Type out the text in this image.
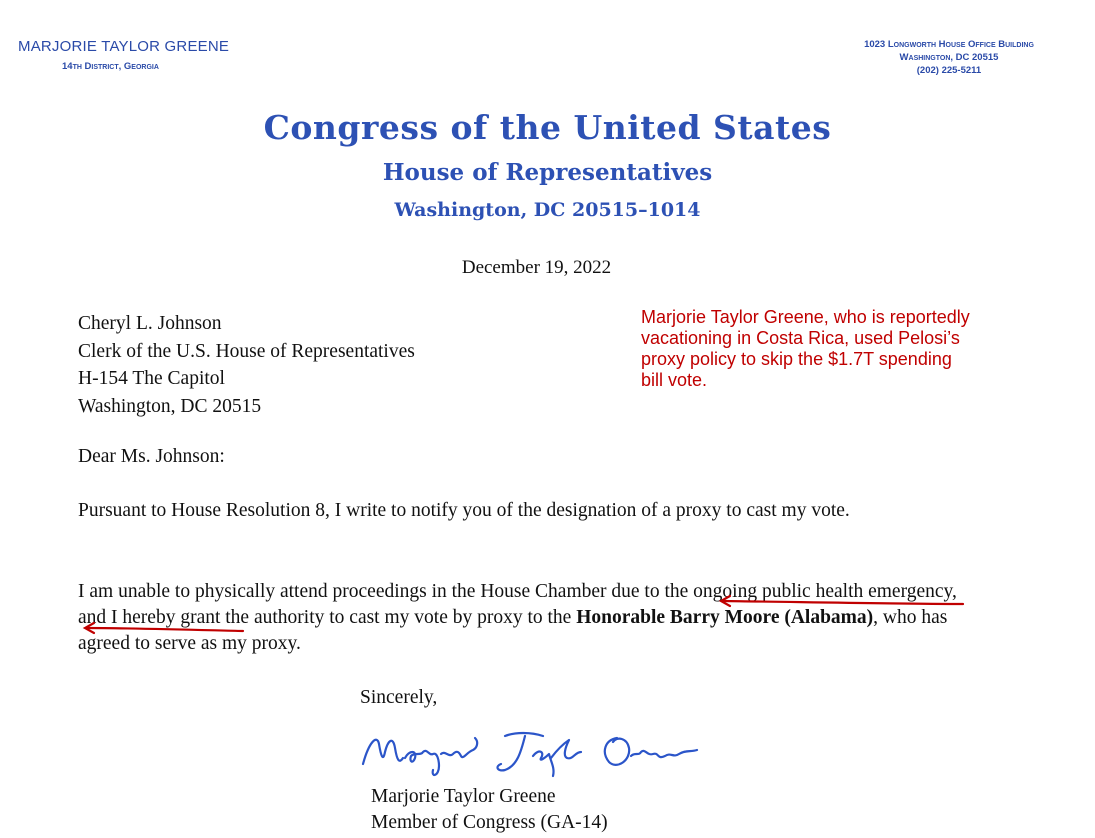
MARJORIE TAYLOR GREENE
14th District, Georgia
1023 Longworth House Office Building
Washington, DC 20515
(202) 225-5211
Congress of the United States
House of Representatives
Washington, DC 20515–1014
December 19, 2022
Cheryl L. Johnson
Clerk of the U.S. House of Representatives
H-154 The Capitol
Washington, DC 20515
Marjorie Taylor Greene, who is reportedly
vacationing in Costa Rica, used Pelosi’s
proxy policy to skip the $1.7T spending
bill vote.
Dear Ms. Johnson:
Pursuant to House Resolution 8, I write to notify you of the designation of a proxy to cast my vote.
I am unable to physically attend proceedings in the House Chamber due to the ongoing public health emergency, and I hereby grant the authority to cast my vote by proxy to the Honorable Barry Moore (Alabama), who has agreed to serve as my proxy.
Sincerely,
Marjorie Taylor Greene
Member of Congress (GA-14)
